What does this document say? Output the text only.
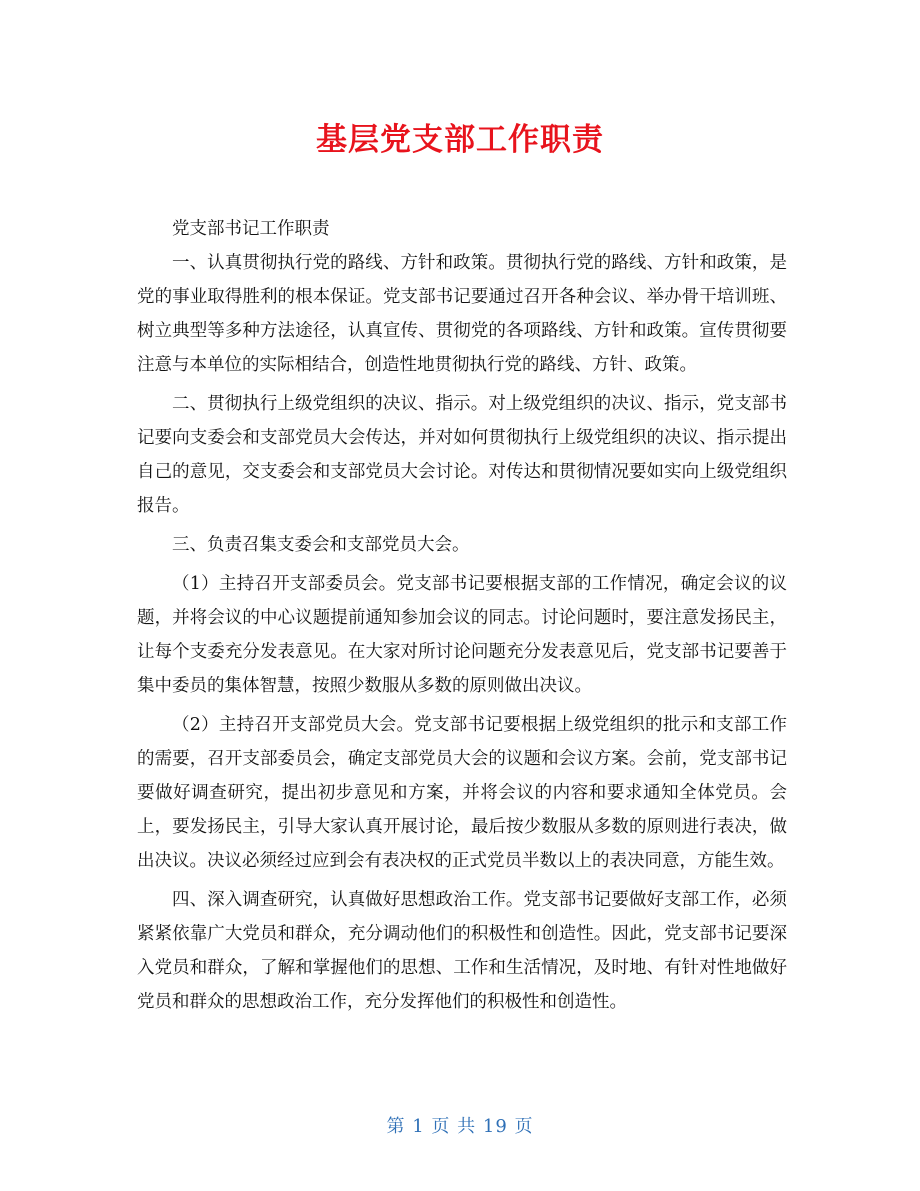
基层党支部工作职责

党支部书记工作职责

一、认真贯彻执行党的路线、方针和政策。贯彻执行党的路线、方针和政策，是党的事业取得胜利的根本保证。党支部书记要通过召开各种会议、举办骨干培训班、树立典型等多种方法途径，认真宣传、贯彻党的各项路线、方针和政策。宣传贯彻要注意与本单位的实际相结合，创造性地贯彻执行党的路线、方针、政策。

二、贯彻执行上级党组织的决议、指示。对上级党组织的决议、指示，党支部书记要向支委会和支部党员大会传达，并对如何贯彻执行上级党组织的决议、指示提出自己的意见，交支委会和支部党员大会讨论。对传达和贯彻情况要如实向上级党组织报告。

三、负责召集支委会和支部党员大会。

（1）主持召开支部委员会。党支部书记要根据支部的工作情况，确定会议的议题，并将会议的中心议题提前通知参加会议的同志。讨论问题时，要注意发扬民主，让每个支委充分发表意见。在大家对所讨论问题充分发表意见后，党支部书记要善于集中委员的集体智慧，按照少数服从多数的原则做出决议。

（2）主持召开支部党员大会。党支部书记要根据上级党组织的批示和支部工作的需要，召开支部委员会，确定支部党员大会的议题和会议方案。会前，党支部书记要做好调查研究，提出初步意见和方案，并将会议的内容和要求通知全体党员。会上，要发扬民主，引导大家认真开展讨论，最后按少数服从多数的原则进行表决，做出决议。决议必须经过应到会有表决权的正式党员半数以上的表决同意，方能生效。

四、深入调查研究，认真做好思想政治工作。党支部书记要做好支部工作，必须紧紧依靠广大党员和群众，充分调动他们的积极性和创造性。因此，党支部书记要深入党员和群众，了解和掌握他们的思想、工作和生活情况，及时地、有针对性地做好党员和群众的思想政治工作，充分发挥他们的积极性和创造性。

第 1 页 共 19 页
